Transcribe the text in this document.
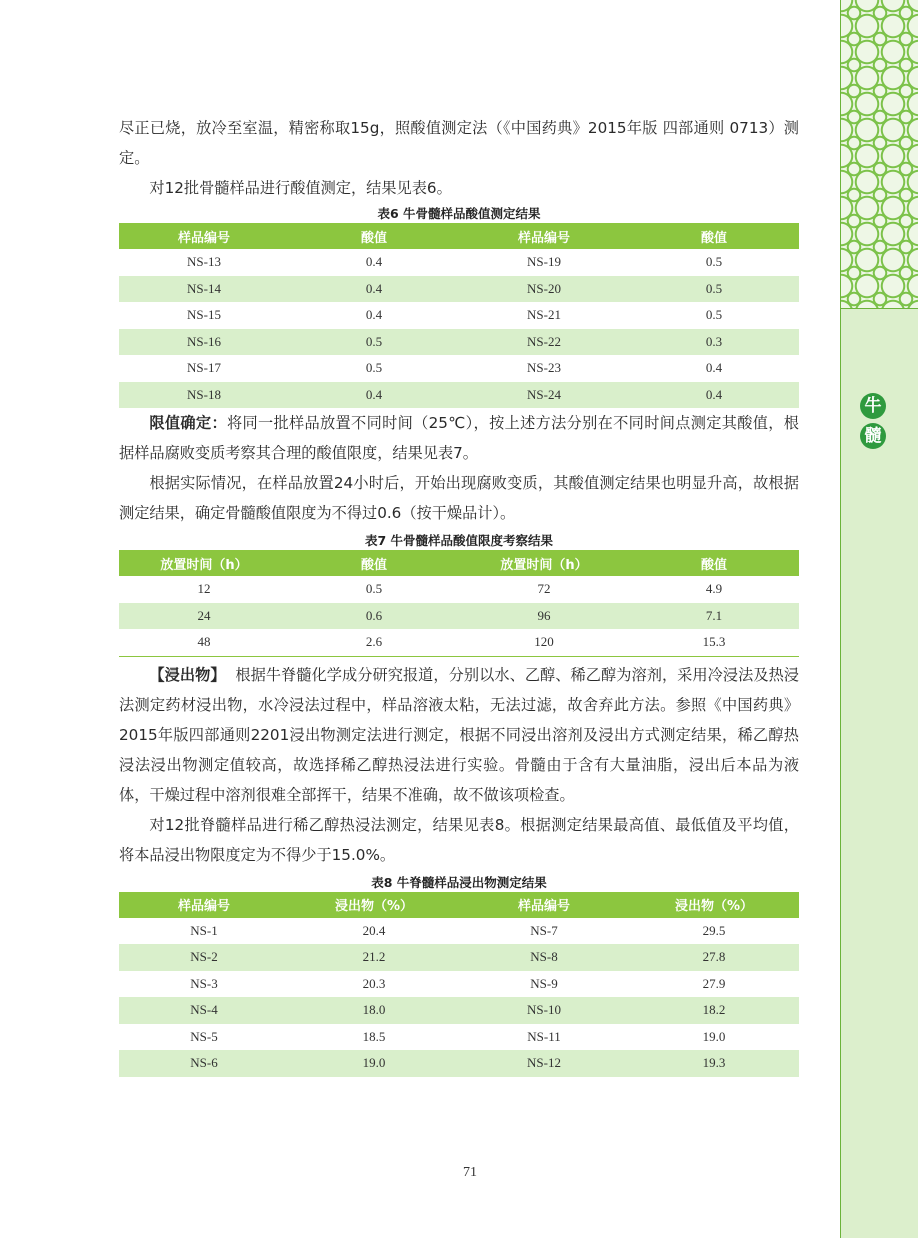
牛
髓

尽正已烧，放冷至室温，精密称取15g，照酸值测定法（《中国药典》2015年版 四部通则 0713）测定。

对12批骨髓样品进行酸值测定，结果见表6。

表6 牛骨髓样品酸值测定结果
样品编号	酸值	样品编号	酸值
NS-13	0.4	NS-19	0.5
NS-14	0.4	NS-20	0.5
NS-15	0.4	NS-21	0.5
NS-16	0.5	NS-22	0.3
NS-17	0.5	NS-23	0.4
NS-18	0.4	NS-24	0.4

限值确定：将同一批样品放置不同时间（25℃），按上述方法分别在不同时间点测定其酸值，根据样品腐败变质考察其合理的酸值限度，结果见表7。

根据实际情况，在样品放置24小时后，开始出现腐败变质，其酸值测定结果也明显升高，故根据测定结果，确定骨髓酸值限度为不得过0.6（按干燥品计）。

表7 牛骨髓样品酸值限度考察结果
放置时间（h）	酸值	放置时间（h）	酸值
12	0.5	72	4.9
24	0.6	96	7.1
48	2.6	120	15.3

【浸出物】 根据牛脊髓化学成分研究报道，分别以水、乙醇、稀乙醇为溶剂，采用冷浸法及热浸法测定药材浸出物，水冷浸法过程中，样品溶液太粘，无法过滤，故舍弃此方法。参照《中国药典》2015年版四部通则2201浸出物测定法进行测定，根据不同浸出溶剂及浸出方式测定结果，稀乙醇热浸法浸出物测定值较高，故选择稀乙醇热浸法进行实验。骨髓由于含有大量油脂，浸出后本品为液体，干燥过程中溶剂很难全部挥干，结果不准确，故不做该项检查。

对12批脊髓样品进行稀乙醇热浸法测定，结果见表8。根据测定结果最高值、最低值及平均值，将本品浸出物限度定为不得少于15.0%。

表8 牛脊髓样品浸出物测定结果
样品编号	浸出物（%）	样品编号	浸出物（%）
NS-1	20.4	NS-7	29.5
NS-2	21.2	NS-8	27.8
NS-3	20.3	NS-9	27.9
NS-4	18.0	NS-10	18.2
NS-5	18.5	NS-11	19.0
NS-6	19.0	NS-12	19.3
71
